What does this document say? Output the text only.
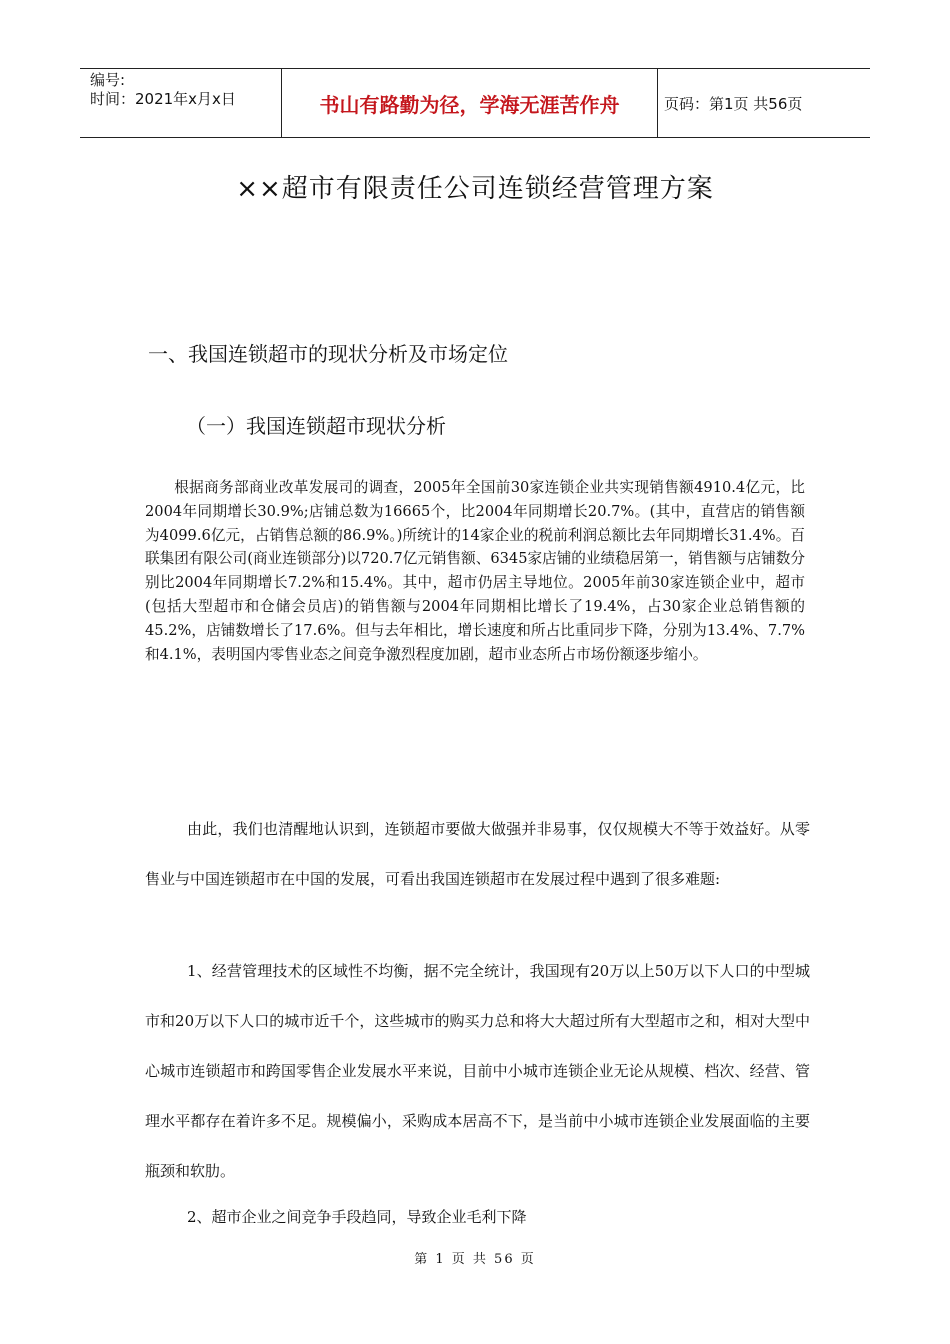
编号:
时间：2021年x月x日	书山有路勤为径，学海无涯苦作舟	页码：第1页 共56页
××超市有限责任公司连锁经营管理方案
一、我国连锁超市的现状分析及市场定位
（一）我国连锁超市现状分析

根据商务部商业改革发展司的调查，2005年全国前30家连锁企业共实现销售额4910.4亿元，比2004年同期增长30.9%;店铺总数为16665个，比2004年同期增长20.7%。(其中，直营店的销售额为4099.6亿元，占销售总额的86.9%。)所统计的14家企业的税前利润总额比去年同期增长31.4%。百联集团有限公司(商业连锁部分)以720.7亿元销售额、6345家店铺的业绩稳居第一，销售额与店铺数分别比2004年同期增长7.2%和15.4%。其中，超市仍居主导地位。2005年前30家连锁企业中，超市(包括大型超市和仓储会员店)的销售额与2004年同期相比增长了19.4%，占30家企业总销售额的45.2%，店铺数增长了17.6%。但与去年相比，增长速度和所占比重同步下降，分别为13.4%、7.7%和4.1%，表明国内零售业态之间竞争激烈程度加剧，超市业态所占市场份额逐步缩小。

由此，我们也清醒地认识到，连锁超市要做大做强并非易事，仅仅规模大不等于效益好。从零售业与中国连锁超市在中国的发展，可看出我国连锁超市在发展过程中遇到了很多难题:

1、经营管理技术的区域性不均衡，据不完全统计，我国现有20万以上50万以下人口的中型城市和20万以下人口的城市近千个，这些城市的购买力总和将大大超过所有大型超市之和，相对大型中心城市连锁超市和跨国零售企业发展水平来说，目前中小城市连锁企业无论从规模、档次、经营、管理水平都存在着许多不足。规模偏小，采购成本居高不下，是当前中小城市连锁企业发展面临的主要瓶颈和软肋。

2、超市企业之间竞争手段趋同，导致企业毛利下降

第 1 页 共 56 页
